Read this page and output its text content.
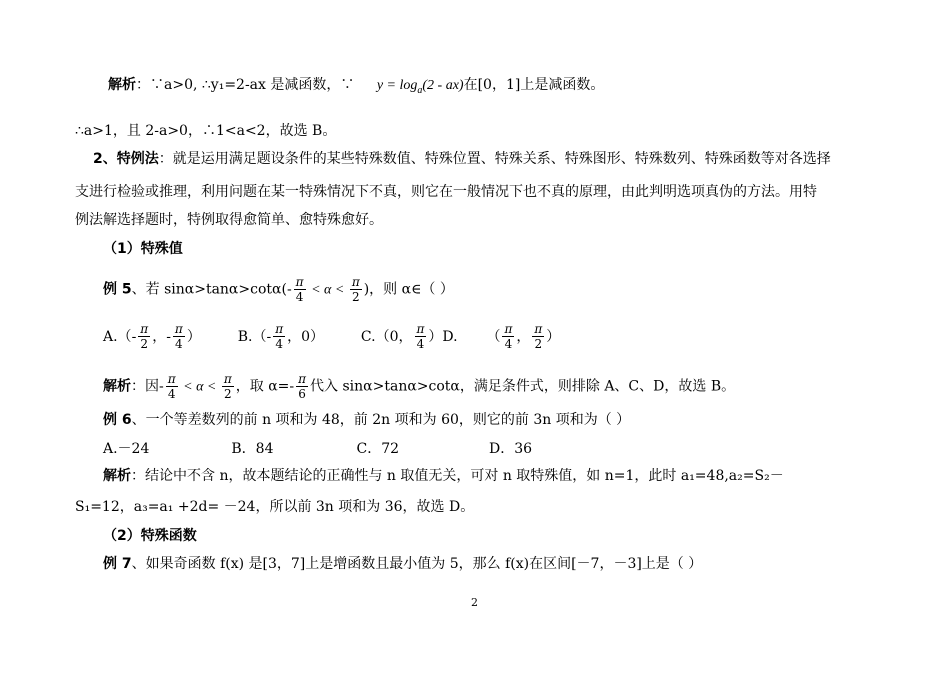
解析：∵a>0, ∴y₁=2-ax 是减函数，∵ $y = \log_a(2 - ax)$在[0，1]上是减函数。
∴a>1，且 2-a>0，∴1<a<2，故选 B。
2、特例法：就是运用满足题设条件的某些特殊数值、特殊位置、特殊关系、特殊图形、特殊数列、特殊函数等对各选择
支进行检验或推理，利用问题在某一特殊情况下不真，则它在一般情况下也不真的原理，由此判明选项真伪的方法。用特
例法解选择题时，特例取得愈简单、愈特殊愈好。
（1）特殊值
例 5、若 $\sin\alpha>\tan\alpha>\cot\alpha(- \frac{\pi}{4} < \alpha < \frac{\pi}{2}$ )，则 α∈（ ）
$A.(- \frac{\pi}{2}$ ，- $\frac{\pi}{4}$ ）	$B.(- \frac{\pi}{4}$ ，0）	C.（0， $\frac{\pi}{4} )D$. （ $\frac{\pi}{4}$ ， $\frac{\pi}{2}$ ）
解析：因- $\frac{\pi}{4} < \alpha < \frac{\pi}{2}$ ，取 $\alpha=- \frac{\pi}{6}$ 代入 sinα>tanα>cotα，满足条件式，则排除 A、C、D，故选 B。
例 6、一个等差数列的前 n 项和为 48，前 2n 项和为 60，则它的前 3n 项和为（ ）
A.－24	B．84	C．72	D．36
解析：结论中不含 n，故本题结论的正确性与 n 取值无关，可对 n 取特殊值，如 n=1，此时 a₁=48,a₂=S₂－
S₁=12，a₃=a₁ +2d= －24，所以前 3n 项和为 36，故选 D。
（2）特殊函数
例 7、如果奇函数 f(x) 是[3，7]上是增函数且最小值为 5，那么 f(x)在区间[－7，－3]上是（ ）
2
